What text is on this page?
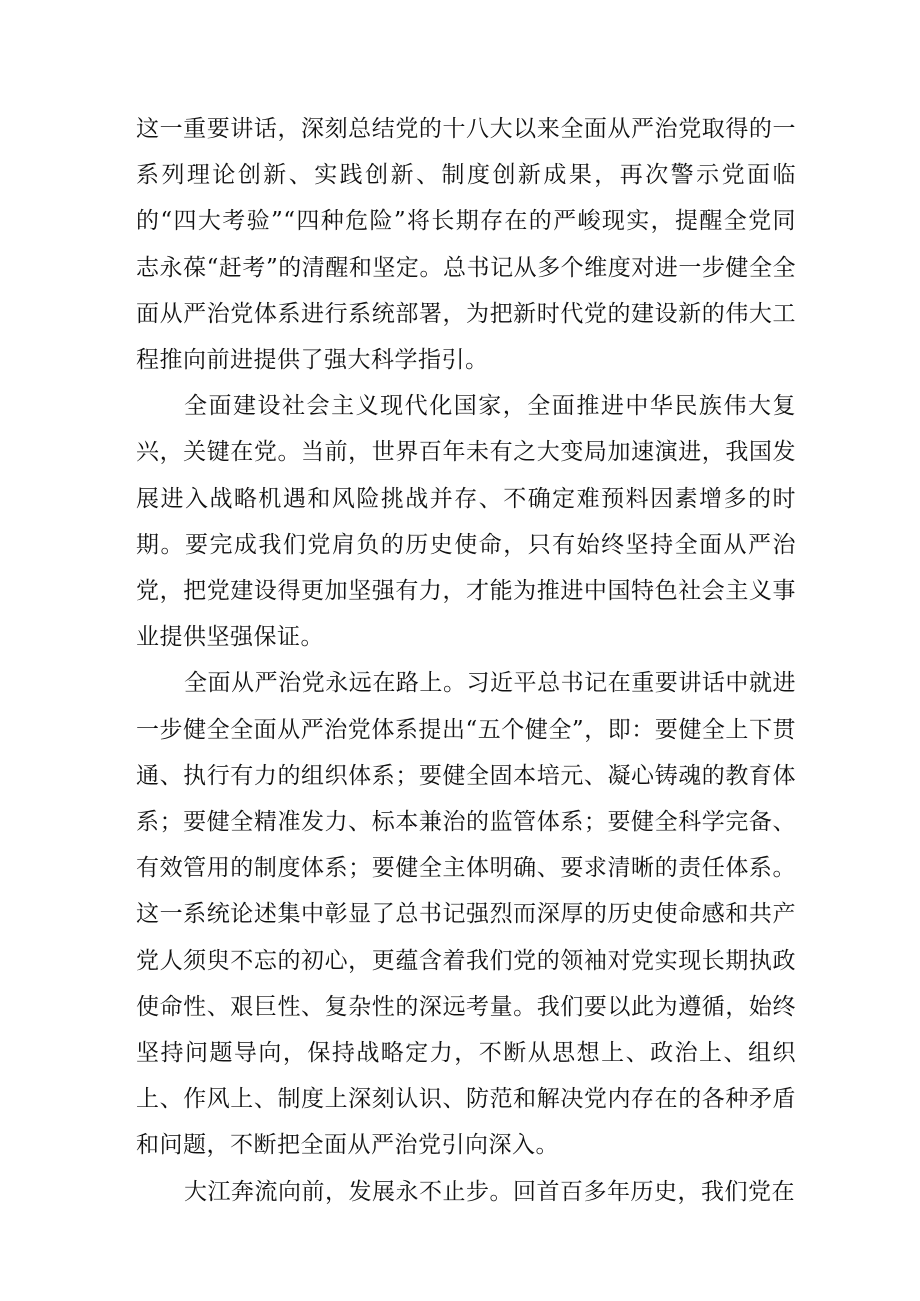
这一重要讲话，深刻总结党的十八大以来全面从严治党取得的一系列理论创新、实践创新、制度创新成果，再次警示党面临的“四大考验”“四种危险”将长期存在的严峻现实，提醒全党同志永葆“赶考”的清醒和坚定。总书记从多个维度对进一步健全全面从严治党体系进行系统部署，为把新时代党的建设新的伟大工程推向前进提供了强大科学指引。

全面建设社会主义现代化国家，全面推进中华民族伟大复兴，关键在党。当前，世界百年未有之大变局加速演进，我国发展进入战略机遇和风险挑战并存、不确定难预料因素增多的时期。要完成我们党肩负的历史使命，只有始终坚持全面从严治党，把党建设得更加坚强有力，才能为推进中国特色社会主义事业提供坚强保证。

全面从严治党永远在路上。习近平总书记在重要讲话中就进一步健全全面从严治党体系提出“五个健全”，即：要健全上下贯通、执行有力的组织体系；要健全固本培元、凝心铸魂的教育体系；要健全精准发力、标本兼治的监管体系；要健全科学完备、有效管用的制度体系；要健全主体明确、要求清晰的责任体系。这一系统论述集中彰显了总书记强烈而深厚的历史使命感和共产党人须臾不忘的初心，更蕴含着我们党的领袖对党实现长期执政使命性、艰巨性、复杂性的深远考量。我们要以此为遵循，始终坚持问题导向，保持战略定力，不断从思想上、政治上、组织上、作风上、制度上深刻认识、防范和解决党内存在的各种矛盾和问题，不断把全面从严治党引向深入。

大江奔流向前，发展永不止步。回首百多年历史，我们党在
